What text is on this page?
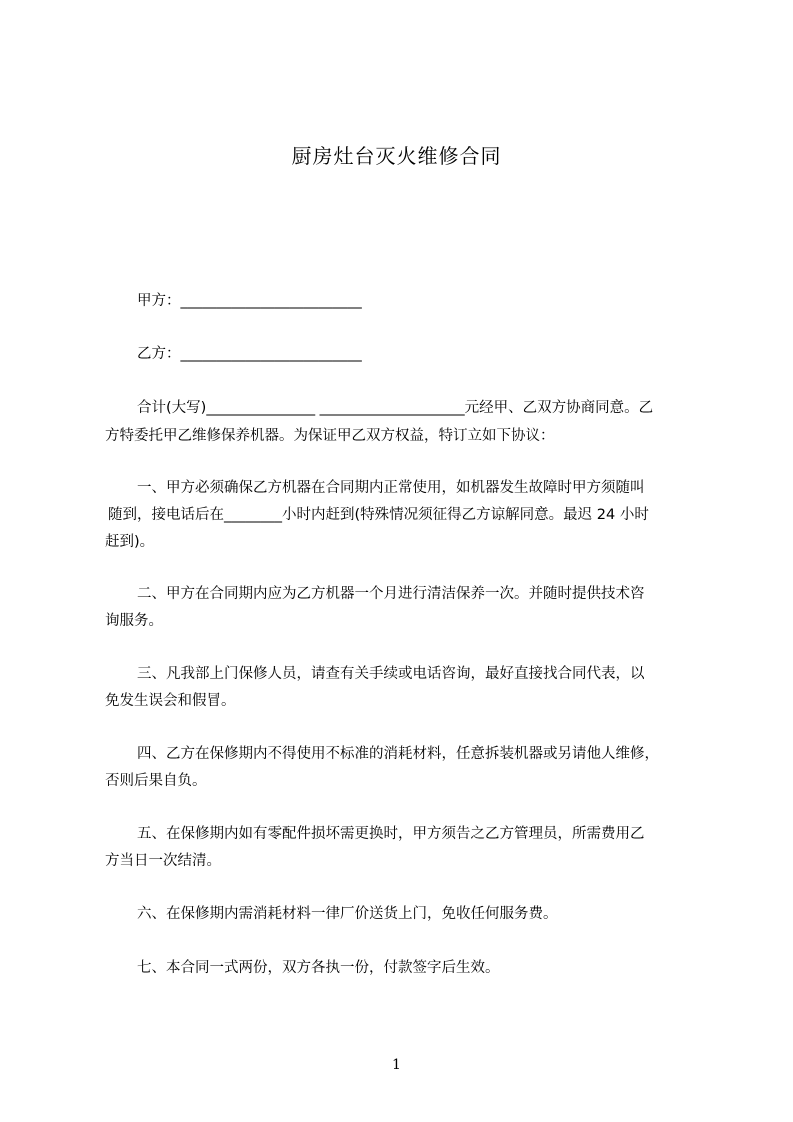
厨房灶台灭火维修合同
甲方：_________________________
乙方：_________________________
合计(大写)_______________ ____________________元经甲、乙双方协商同意。乙
方特委托甲乙维修保养机器。为保证甲乙双方权益，特订立如下协议：
一、甲方必须确保乙方机器在合同期内正常使用，如机器发生故障时甲方须随叫
随到，接电话后在________小时内赶到(特殊情况须征得乙方谅解同意。最迟 24 小时
赶到)。
二、甲方在合同期内应为乙方机器一个月进行清洁保养一次。并随时提供技术咨
询服务。
三、凡我部上门保修人员，请查有关手续或电话咨询，最好直接找合同代表，以
免发生误会和假冒。
四、乙方在保修期内不得使用不标准的消耗材料，任意拆装机器或另请他人维修，
否则后果自负。
五、在保修期内如有零配件损坏需更换时，甲方须告之乙方管理员，所需费用乙
方当日一次结清。
六、在保修期内需消耗材料一律厂价送货上门，免收任何服务费。
七、本合同一式两份，双方各执一份，付款签字后生效。
1
